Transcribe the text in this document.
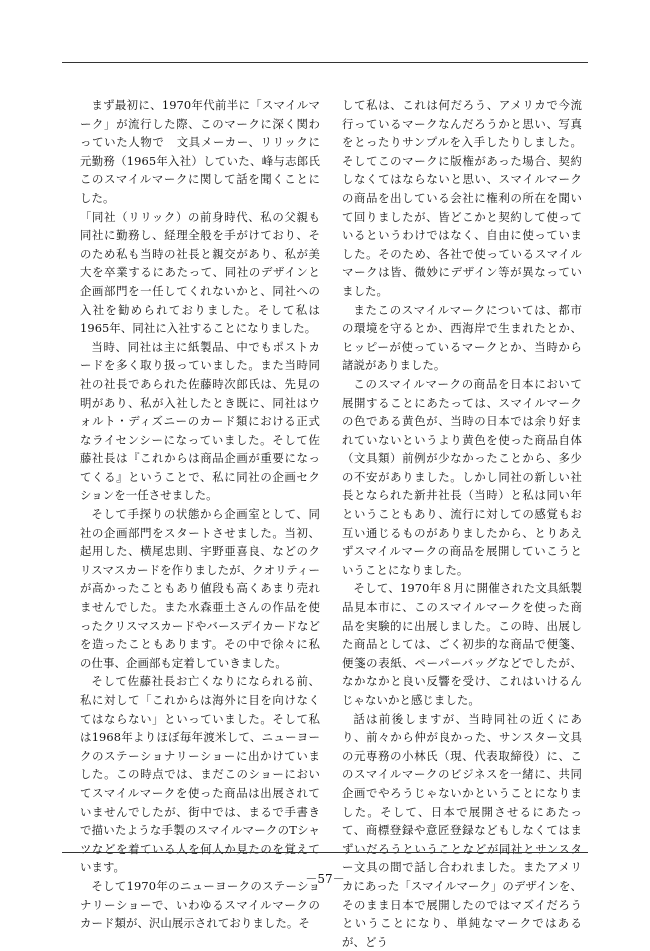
まず最初に、1970年代前半に「スマイルマーク」が流行した際、このマークに深く関わっていた人物で　文具メーカー、リリックに元勤務（1965年入社）していた、峰与志郎氏このスマイルマークに関して話を聞くことにした。

「同社（リリック）の前身時代、私の父親も同社に勤務し、経理全般を手がけており、そのため私も当時の社長と親交があり、私が美大を卒業するにあたって、同社のデザインと企画部門を一任してくれないかと、同社への入社を勧められておりました。そして私は1965年、同社に入社することになりました。

当時、同社は主に紙製品、中でもポストカードを多く取り扱っていました。また当時同社の社長であられた佐藤時次郎氏は、先見の明があり、私が入社したとき既に、同社はウォルト・ディズニーのカード類における正式なライセンシーになっていました。そして佐藤社長は『これからは商品企画が重要になってくる』ということで、私に同社の企画セクションを一任させました。

そして手探りの状態から企画室として、同社の企画部門をスタートさせました。当初、起用した、横尾忠則、宇野亜喜良、などのクリスマスカードを作りましたが、クオリティーが高かったこともあり値段も高くあまり売れませんでした。また水森亜土さんの作品を使ったクリスマスカードやバースデイカードなどを造ったこともあります。その中で徐々に私の仕事、企画部も定着していきました。

そして佐藤社長お亡くなりになられる前、私に対して「これからは海外に目を向けなくてはならない」といっていました。そして私は1968年よりほぼ毎年渡米して、ニューヨークのステーショナリーショーに出かけていました。この時点では、まだこのショーにおいてスマイルマークを使った商品は出展されていませんでしたが、街中では、まるで手書きで描いたような手製のスマイルマークのTシャツなどを着ている人を何人か見たのを覚えています。

そして1970年のニューヨークのステーショナリーショーで、いわゆるスマイルマークのカード類が、沢山展示されておりました。そ

して私は、これは何だろう、アメリカで今流行っているマークなんだろうかと思い、写真をとったりサンプルを入手したりしました。そしてこのマークに版権があった場合、契約しなくてはならないと思い、スマイルマークの商品を出している会社に権利の所在を聞いて回りましたが、皆どこかと契約して使っているというわけではなく、自由に使っていました。そのため、各社で使っているスマイルマークは皆、微妙にデザイン等が異なっていました。

またこのスマイルマークについては、都市の環境を守るとか、西海岸で生まれたとか、ヒッピーが使っているマークとか、当時から諸説がありました。

このスマイルマークの商品を日本において展開することにあたっては、スマイルマークの色である黄色が、当時の日本では余り好まれていないというより黄色を使った商品自体（文具類）前例が少なかったことから、多少の不安がありました。しかし同社の新しい社長となられた新井社長（当時）と私は同い年ということもあり、流行に対しての感覚もお互い通じるものがありましたから、とりあえずスマイルマークの商品を展開していこうということになりました。

そして、1970年８月に開催された文具紙製品見本市に、このスマイルマークを使った商品を実験的に出展しました。この時、出展した商品としては、ごく初歩的な商品で便箋、便箋の表紙、ペーパーバッグなどでしたが、なかなかと良い反響を受け、これはいけるんじゃないかと感じました。

話は前後しますが、当時同社の近くにあり、前々から仲が良かった、サンスター文具の元専務の小林氏（現、代表取締役）に、このスマイルマークのビジネスを一緒に、共同企画でやろうじゃないかということになりました。そして、日本で展開させるにあたって、商標登録や意匠登録などもしなくてはまずいだろうということなどが同社とサンスター文具の間で話し合われました。またアメリカにあった「スマイルマーク」のデザインを、そのまま日本で展開したのではマズイだろうということになり、単純なマークではあるが、どう

－57－
